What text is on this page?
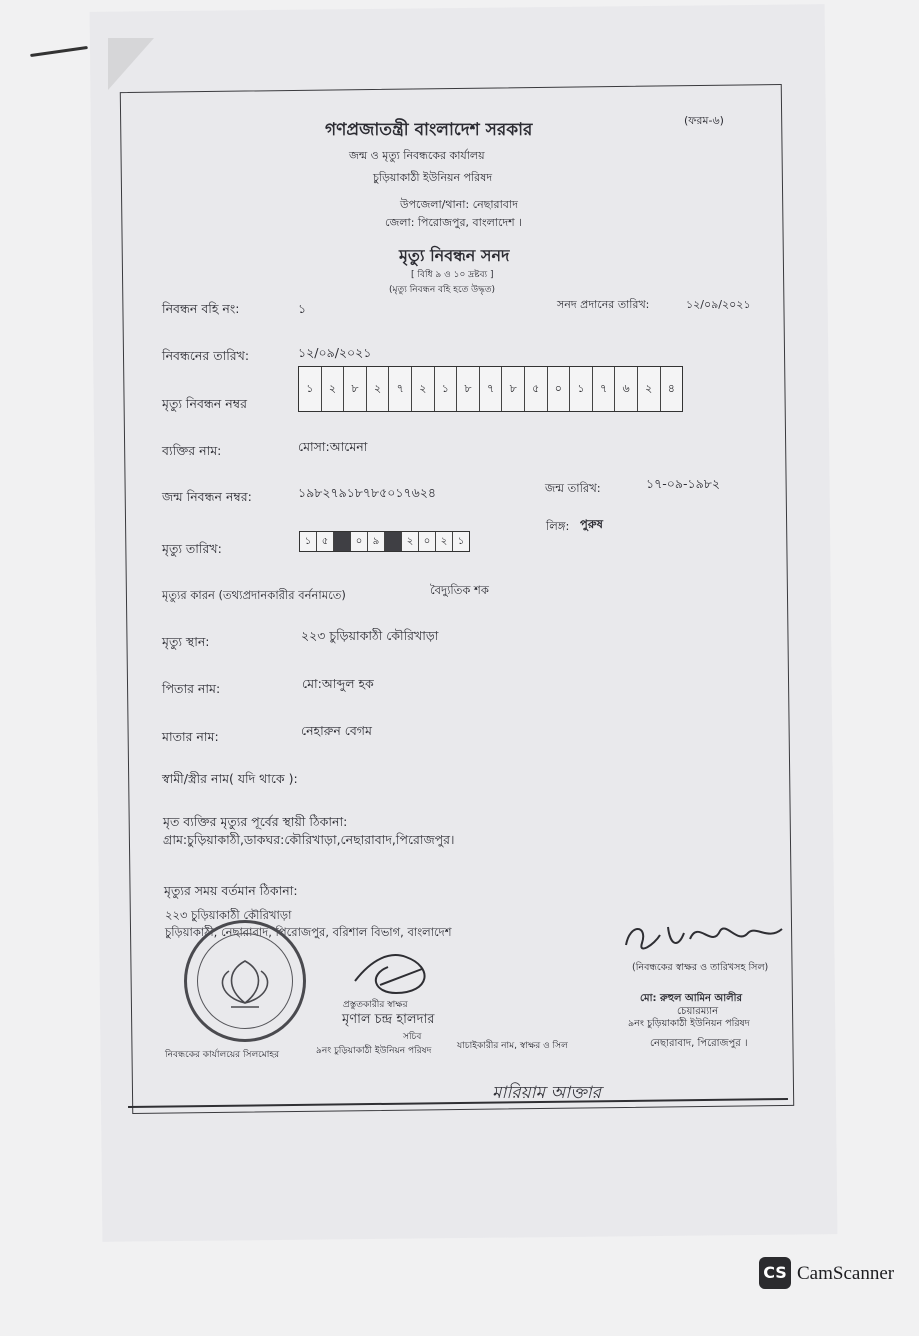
(ফরম-৬)
গণপ্রজাতন্ত্রী বাংলাদেশ সরকার
জন্ম ও মৃত্যু নিবন্ধকের কার্যালয়
চুড়িয়াকাঠী ইউনিয়ন পরিষদ
উপজেলা/থানা: নেছারাবাদ
জেলা: পিরোজপুর, বাংলাদেশ ।
মৃত্যু নিবন্ধন সনদ
[ বিধি ৯ ও ১০ দ্রষ্টব্য ]
(মৃত্যু নিবন্ধন বহি হতে উদ্ধৃত)
নিবন্ধন বহি নং:	১	সনদ প্রদানের তারিখ:	১২/০৯/২০২১
নিবন্ধনের তারিখ:	১২/০৯/২০২১
মৃত্যু নিবন্ধন নম্বর
১	২	৮	২	৭	২	১	৮	৭	৮	৫	০	১	৭	৬	২	৪
ব্যক্তির নাম:	মোসা:আমেনা
জন্ম নিবন্ধন নম্বর:	১৯৮২৭৯১৮৭৮৫০১৭৬২৪	জন্ম তারিখ:	১৭-০৯-১৯৮২
লিঙ্গ: পুরুষ
মৃত্যু তারিখ:	১	৫	০	৯	২	০	২	১
মৃত্যুর কারন (তথ্যপ্রদানকারীর বর্ননামতে)	বৈদ্যুতিক শক
মৃত্যু স্থান:	২২৩ চুড়িয়াকাঠী কৌরিখাড়া
পিতার নাম:	মো:আব্দুল হক
মাতার নাম:	নেহারুন বেগম
স্বামী/স্ত্রীর নাম( যদি থাকে ):
মৃত ব্যক্তির মৃত্যুর পূর্বের স্থায়ী ঠিকানা:
গ্রাম:চুড়িয়াকাঠী,ডাকঘর:কৌরিখাড়া,নেছারাবাদ,পিরোজপুর।
মৃত্যুর সময় বর্তমান ঠিকানা:
২২৩ চুড়িয়াকাঠী কৌরিখাড়া
চুড়িয়াকাঠী, নেছারাবাদ, পিরোজপুর, বরিশাল বিভাগ, বাংলাদেশ
(নিবন্ধকের স্বাক্ষর ও তারিখসহ সিল)
মো: রুহুল আমিন আলীর
চেয়ারম্যান
৯নং চুড়িয়াকাঠী ইউনিয়ন পরিষদ
নেছারাবাদ, পিরোজপুর ।
প্রস্তুতকারীর স্বাক্ষর
মৃণাল চন্দ্র হালদার
সচিব
৯নং চুড়িয়াকাঠী ইউনিয়ন পরিষদ	যাচাইকারীর নাম, স্বাক্ষর ও সিল
নিবন্ধকের কার্যালয়ের সিলমোহর
মারিয়াম আক্তার
CS CamScanner
